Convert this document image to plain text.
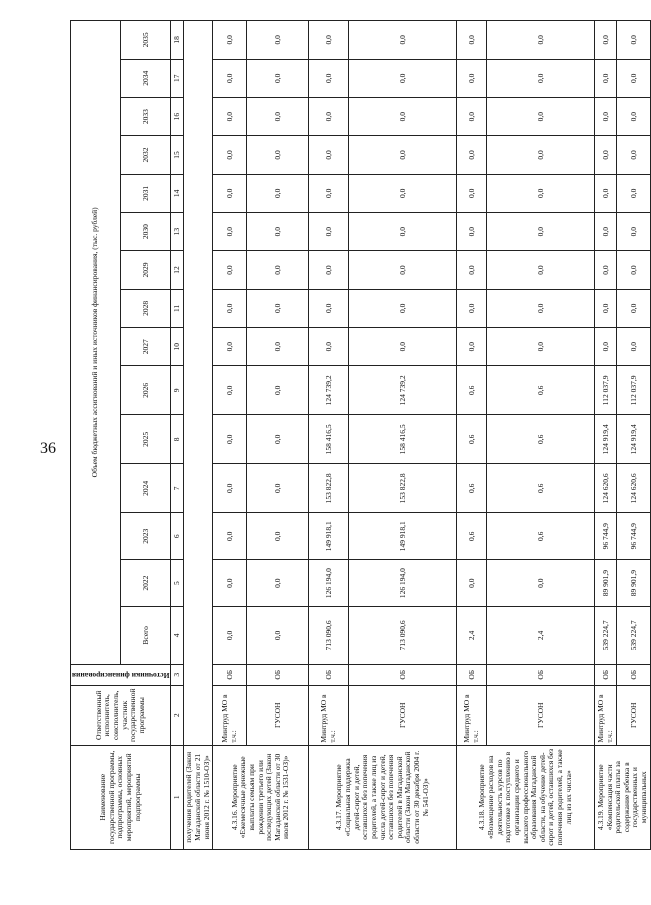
36
Наименование государственной программы, подпрограммы, основных мероприятий, мероприятий подпрограммы	Ответственный исполнитель, соисполнитель, участник государственной программы	Источники финансирования	Объем бюджетных ассигнований и иных источников финансирования, (тыс. рублей)														
			Всего	2022	2023	2024	2025	2026	2027	2028	2029	2030	2031	2032	2033	2034	2035
1	2	3	4	5	6	7	8	9	10	11	12	13	14	15	16	17	18
получения родителей (Закон Магаданской области от 21 июня 2012 г. № 1510-ОЗ)»																	
4.3.16. Мероприятие «Ежемесячные денежные выплаты семьям при рождении третьего или последующих детей (Закон Магаданской области от 30 июля 2012 г. № 1531-ОЗ)»	Минтруд МО в т.ч.:	ОБ	0,0	0,0	0,0	0,0	0,0	0,0	0,0	0,0	0,0	0,0	0,0	0,0	0,0	0,0	0,0
	ГУСОН	ОБ	0,0	0,0	0,0	0,0	0,0	0,0	0,0	0,0	0,0	0,0	0,0	0,0	0,0	0,0	0,0
4.3.17. Мероприятие «Социальная поддержка детей-сирот и детей, оставшихся без попечения родителей, а также лиц из числа детей-сирот и детей, оставшихся без попечения родителей в Магаданской области (Закон Магаданской области от 30 декабря 2004 г. № 541-ОЗ)»	Минтруд МО в т.ч.:	ОБ	713 090,6	126 194,0	149 918,1	153 822,8	158 416,5	124 739,2	0,0	0,0	0,0	0,0	0,0	0,0	0,0	0,0	0,0
	ГУСОН	ОБ	713 090,6	126 194,0	149 918,1	153 822,8	158 416,5	124 739,2	0,0	0,0	0,0	0,0	0,0	0,0	0,0	0,0	0,0
4.3.18. Мероприятие «Возмещение расходов на деятельность курсов по подготовке к поступлению в организации среднего и высшего профессионального образования Магаданской области, на обучение детей-сирот и детей, оставшихся без попечения родителей, а также лиц из их числа»	Минтруд МО в т.ч.:	ОБ	2,4	0,0	0,6	0,6	0,6	0,6	0,0	0,0	0,0	0,0	0,0	0,0	0,0	0,0	0,0
	ГУСОН	ОБ	2,4	0,0	0,6	0,6	0,6	0,6	0,0	0,0	0,0	0,0	0,0	0,0	0,0	0,0	0,0
4.3.19. Мероприятие «Компенсация части родительской платы за содержание ребенка в государственных и муниципальных	Минтруд МО в т.ч.:	ОБ	539 224,7	89 901,9	96 744,9	124 620,6	124 919,4	112 037,9	0,0	0,0	0,0	0,0	0,0	0,0	0,0	0,0	0,0
	ГУСОН	ОБ	539 224,7	89 901,9	96 744,9	124 620,6	124 919,4	112 037,9	0,0	0,0	0,0	0,0	0,0	0,0	0,0	0,0	0,0
